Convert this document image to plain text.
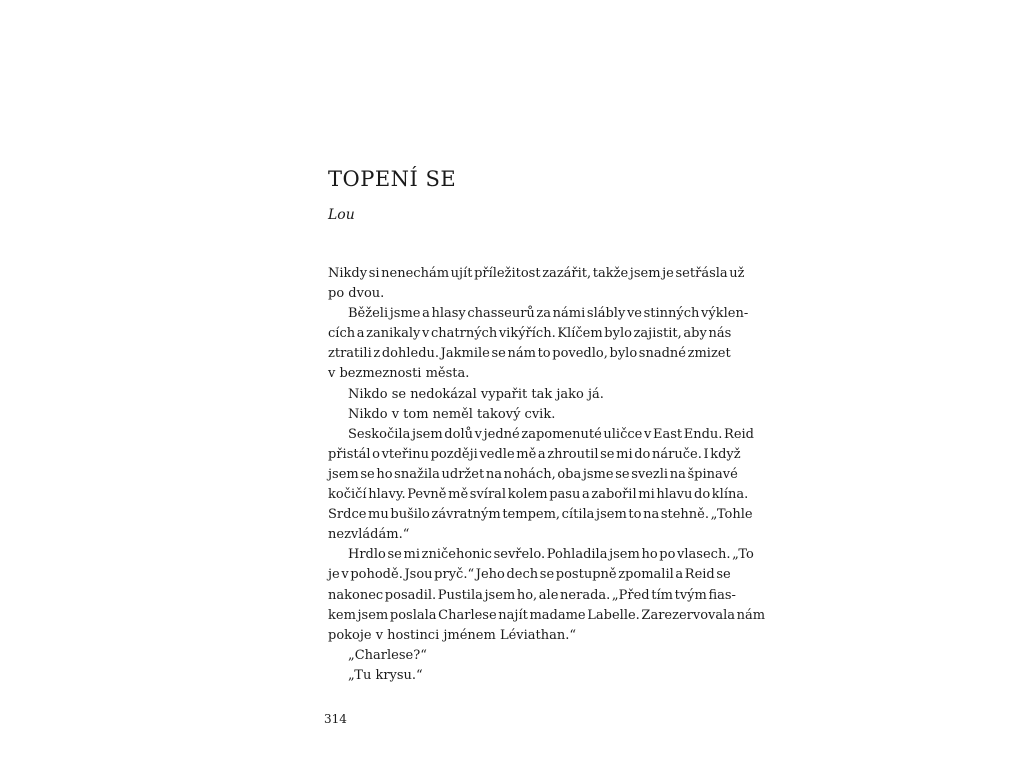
TOPENÍ SE
Lou
Nikdy si nenechám ujít příležitost zazářit, takže jsem je setřásla už
po dvou.
Běželi jsme a hlasy chasseurů za námi slábly ve stinných výklen-
cích a zanikaly v chatrných vikýřích. Klíčem bylo zajistit, aby nás
ztratili z dohledu. Jakmile se nám to povedlo, bylo snadné zmizet
v bezmeznosti města.
Nikdo se nedokázal vypařit tak jako já.
Nikdo v tom neměl takový cvik.
Seskočila jsem dolů v jedné zapomenuté uličce v East Endu. Reid
přistál o vteřinu později vedle mě a zhroutil se mi do náruče. I když
jsem se ho snažila udržet na nohách, oba jsme se svezli na špinavé
kočičí hlavy. Pevně mě svíral kolem pasu a zabořil mi hlavu do klína.
Srdce mu bušilo závratným tempem, cítila jsem to na stehně. „Tohle
nezvládám.“
Hrdlo se mi zničehonic sevřelo. Pohladila jsem ho po vlasech. „To
je v pohodě. Jsou pryč.“ Jeho dech se postupně zpomalil a Reid se
nakonec posadil. Pustila jsem ho, ale nerada. „Před tím tvým fias-
kem jsem poslala Charlese najít madame Labelle. Zarezervovala nám
pokoje v hostinci jménem Léviathan.“
„Charlese?“
„Tu krysu.“
314
